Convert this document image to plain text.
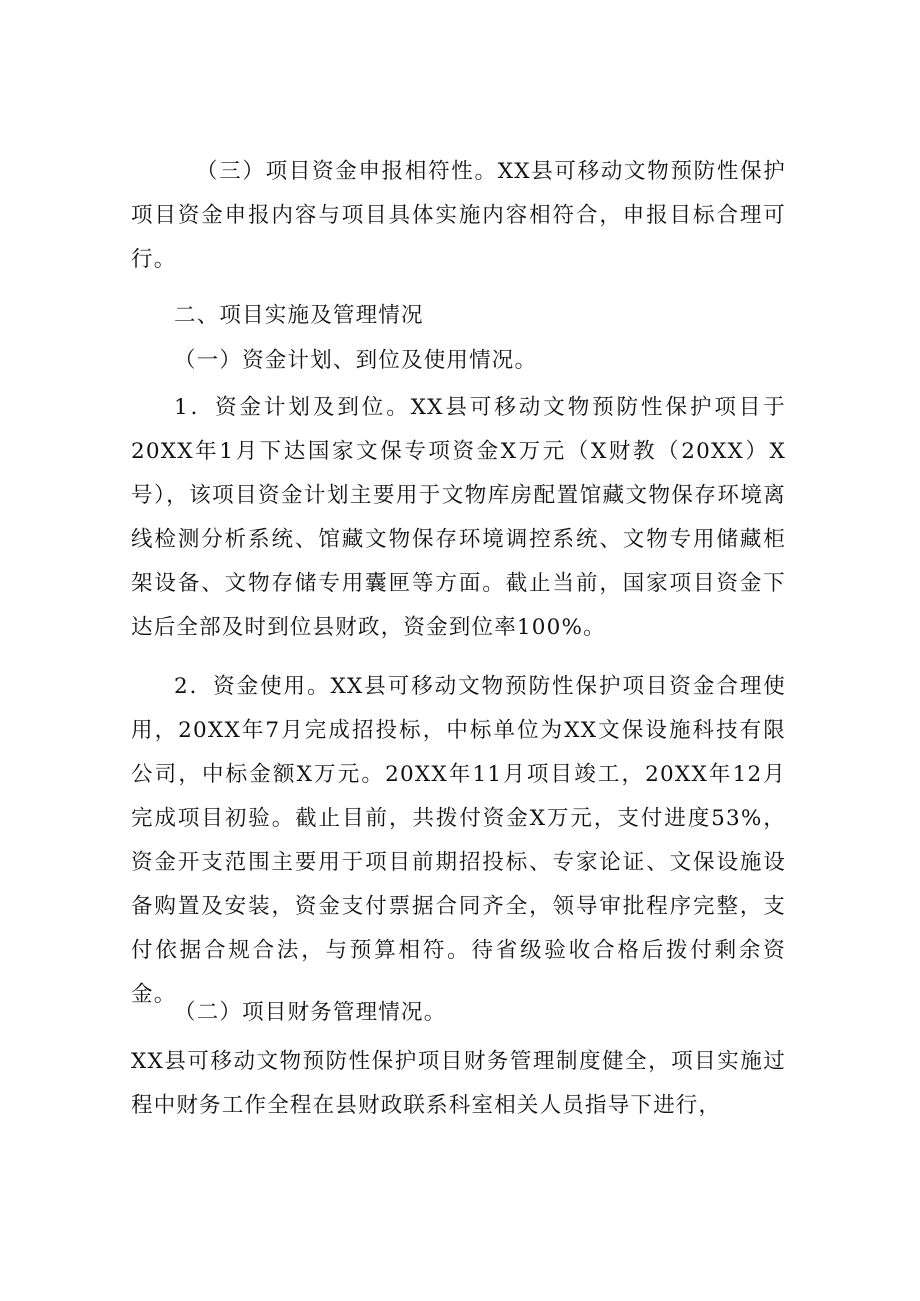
（三）项目资金申报相符性。XX县可移动文物预防性保护项目资金申报内容与项目具体实施内容相符合，申报目标合理可行。

二、项目实施及管理情况

（一）资金计划、到位及使用情况。

1．资金计划及到位。XX县可移动文物预防性保护项目于20XX年1月下达国家文保专项资金X万元（X财教（20XX）X号），该项目资金计划主要用于文物库房配置馆藏文物保存环境离线检测分析系统、馆藏文物保存环境调控系统、文物专用储藏柜架设备、文物存储专用囊匣等方面。截止当前，国家项目资金下达后全部及时到位县财政，资金到位率100%。

2．资金使用。XX县可移动文物预防性保护项目资金合理使用，20XX年7月完成招投标，中标单位为XX文保设施科技有限公司，中标金额X万元。20XX年11月项目竣工，20XX年12月完成项目初验。截止目前，共拨付资金X万元，支付进度53%，资金开支范围主要用于项目前期招投标、专家论证、文保设施设备购置及安装，资金支付票据合同齐全，领导审批程序完整，支付依据合规合法，与预算相符。待省级验收合格后拨付剩余资金。

（二）项目财务管理情况。

XX县可移动文物预防性保护项目财务管理制度健全，项目实施过程中财务工作全程在县财政联系科室相关人员指导下进行，
